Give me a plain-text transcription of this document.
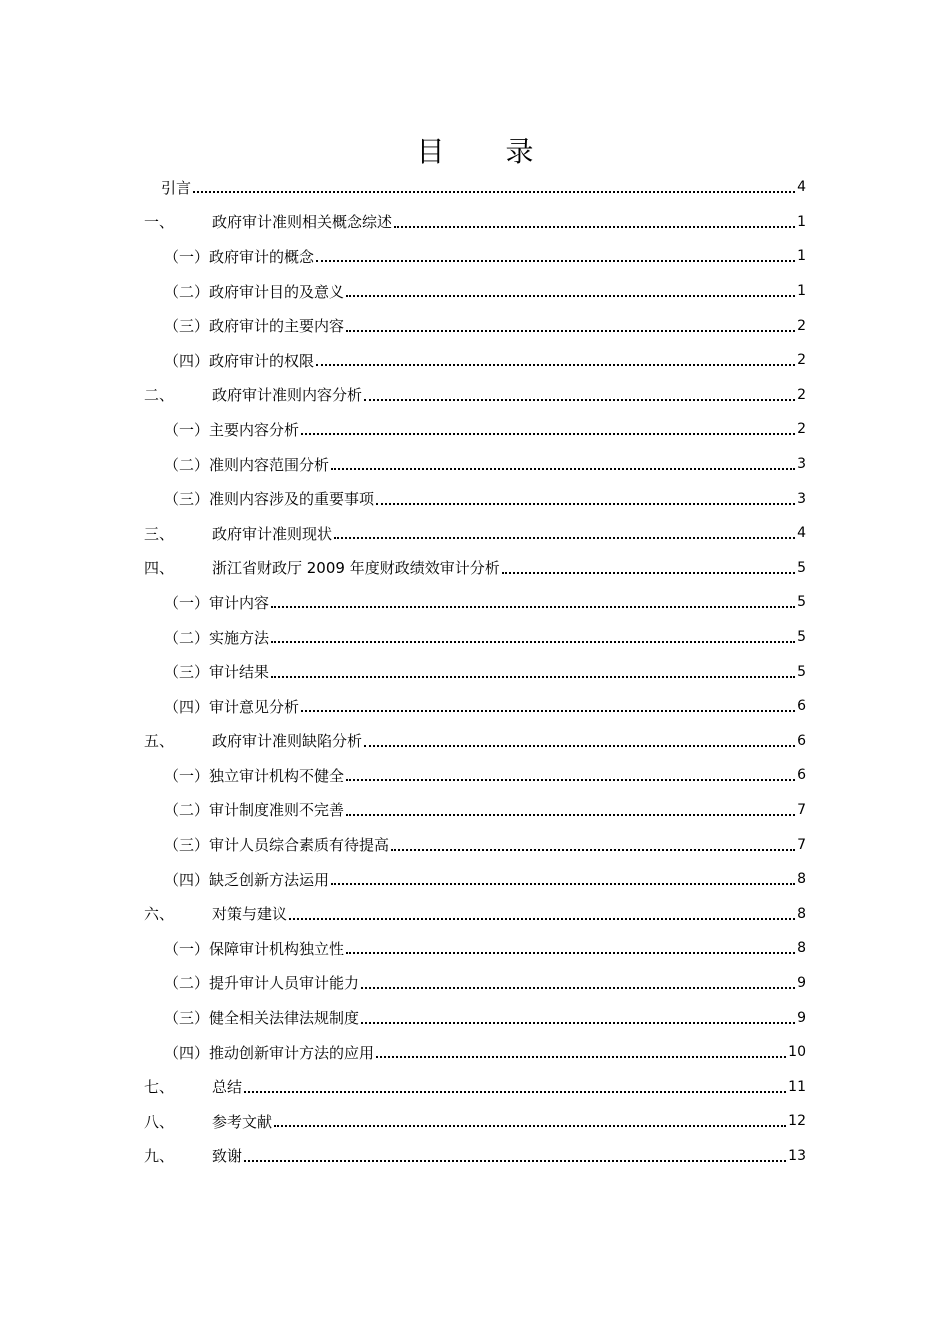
目 录
引言	4
一、	政府审计准则相关概念综述	1
（一）政府审计的概念	1
（二）政府审计目的及意义	1
（三）政府审计的主要内容	2
（四）政府审计的权限	2
二、	政府审计准则内容分析	2
（一）主要内容分析	2
（二）准则内容范围分析	3
（三）准则内容涉及的重要事项	3
三、	政府审计准则现状	4
四、	浙江省财政厅 2009 年度财政绩效审计分析	5
（一）审计内容	5
（二）实施方法	5
（三）审计结果	5
（四）审计意见分析	6
五、	政府审计准则缺陷分析	6
（一）独立审计机构不健全	6
（二）审计制度准则不完善	7
（三）审计人员综合素质有待提高	7
（四）缺乏创新方法运用	8
六、	对策与建议	8
（一）保障审计机构独立性	8
（二）提升审计人员审计能力	9
（三）健全相关法律法规制度	9
（四）推动创新审计方法的应用	10
七、	总结	11
八、	参考文献	12
九、	致谢	13
